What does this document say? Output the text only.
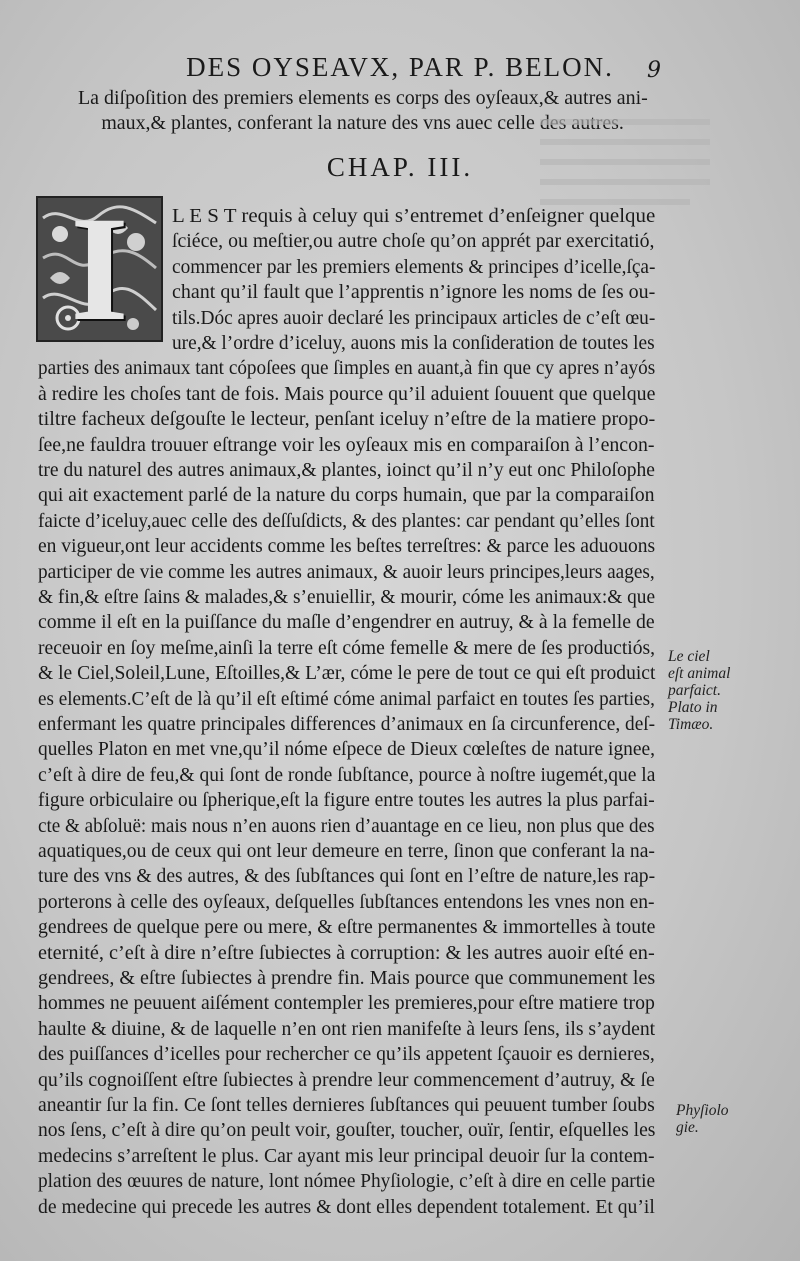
DES OYSEAVX, PAR P. BELON.	9
La diſpoſition des premiers elements es corps des oyſeaux,& autres ani-
maux,& plantes, conferant la nature des vns auec celle des autres.
CHAP. III.
I	L E S T requis à celuy qui s’entremet d’enſeigner quelque
ſciéce, ou meſtier,ou autre choſe qu’on apprét par exercitatió,
commencer par les premiers elements & principes d’icelle,ſça-
chant qu’il fault que l’apprentis n’ignore les noms de ſes ou-
tils.Dóc apres auoir declaré les principaux articles de c’eſt œu-
ure,& l’ordre d’iceluy, auons mis la conſideration de toutes les
parties des animaux tant cópoſees que ſimples en auant,à fin que cy apres n’ayós
à redire les choſes tant de fois. Mais pource qu’il aduient ſouuent que quelque
tiltre facheux deſgouſte le lecteur, penſant iceluy n’eſtre de la matiere propo-
ſee,ne fauldra trouuer eſtrange voir les oyſeaux mis en comparaiſon à l’encon-
tre du naturel des autres animaux,& plantes, ioinct qu’il n’y eut onc Philoſophe
qui ait exactement parlé de la nature du corps humain, que par la comparaiſon
faicte d’iceluy,auec celle des deſſuſdicts, & des plantes: car pendant qu’elles ſont
en vigueur,ont leur accidents comme les beſtes terreſtres: & parce les aduouons
participer de vie comme les autres animaux, & auoir leurs principes,leurs aages,
& fin,& eſtre ſains & malades,& s’enuiellir, & mourir, cóme les animaux:& que
comme il eſt en la puiſſance du maſle d’engendrer en autruy, & à la femelle de
receuoir en ſoy meſme,ainſi la terre eſt cóme femelle & mere de ſes productiós,
& le Ciel,Soleil,Lune, Eſtoilles,& L’ær, cóme le pere de tout ce qui eſt produict
es elements.C’eſt de là qu’il eſt eſtimé cóme animal parfaict en toutes ſes parties,
enfermant les quatre principales differences d’animaux en ſa circunference, deſ-
quelles Platon en met vne,qu’il nóme eſpece de Dieux cœleſtes de nature ignee,
c’eſt à dire de feu,& qui ſont de ronde ſubſtance, pource à noſtre iugemét,que la
figure orbiculaire ou ſpherique,eſt la figure entre toutes les autres la plus parfai-
cte & abſoluë: mais nous n’en auons rien d’auantage en ce lieu, non plus que des
aquatiques,ou de ceux qui ont leur demeure en terre, ſinon que conferant la na-
ture des vns & des autres, & des ſubſtances qui ſont en l’eſtre de nature,les rap-
porterons à celle des oyſeaux, deſquelles ſubſtances entendons les vnes non en-
gendrees de quelque pere ou mere, & eſtre permanentes & immortelles à toute
eternité, c’eſt à dire n’eſtre ſubiectes à corruption: & les autres auoir eſté en-
gendrees, & eſtre ſubiectes à prendre fin. Mais pource que communement les
hommes ne peuuent aiſément contempler les premieres,pour eſtre matiere trop
haulte & diuine, & de laquelle n’en ont rien manifeſte à leurs ſens, ils s’aydent
des puiſſances d’icelles pour rechercher ce qu’ils appetent ſçauoir es dernieres,
qu’ils cognoiſſent eſtre ſubiectes à prendre leur commencement d’autruy, & ſe
aneantir ſur la fin. Ce ſont telles dernieres ſubſtances qui peuuent tumber ſoubs
nos ſens, c’eſt à dire qu’on peult voir, gouſter, toucher, ouïr, ſentir, eſquelles les
medecins s’arreſtent le plus. Car ayant mis leur principal deuoir ſur la contem-
plation des œuures de nature, lont nómee Phyſiologie, c’eſt à dire en celle partie
de medecine qui precede les autres & dont elles dependent totalement. Et qu’il
Le ciel
eſt animal
parfaict.
Plato in
Timæo.
Phyſiolo
gie.
